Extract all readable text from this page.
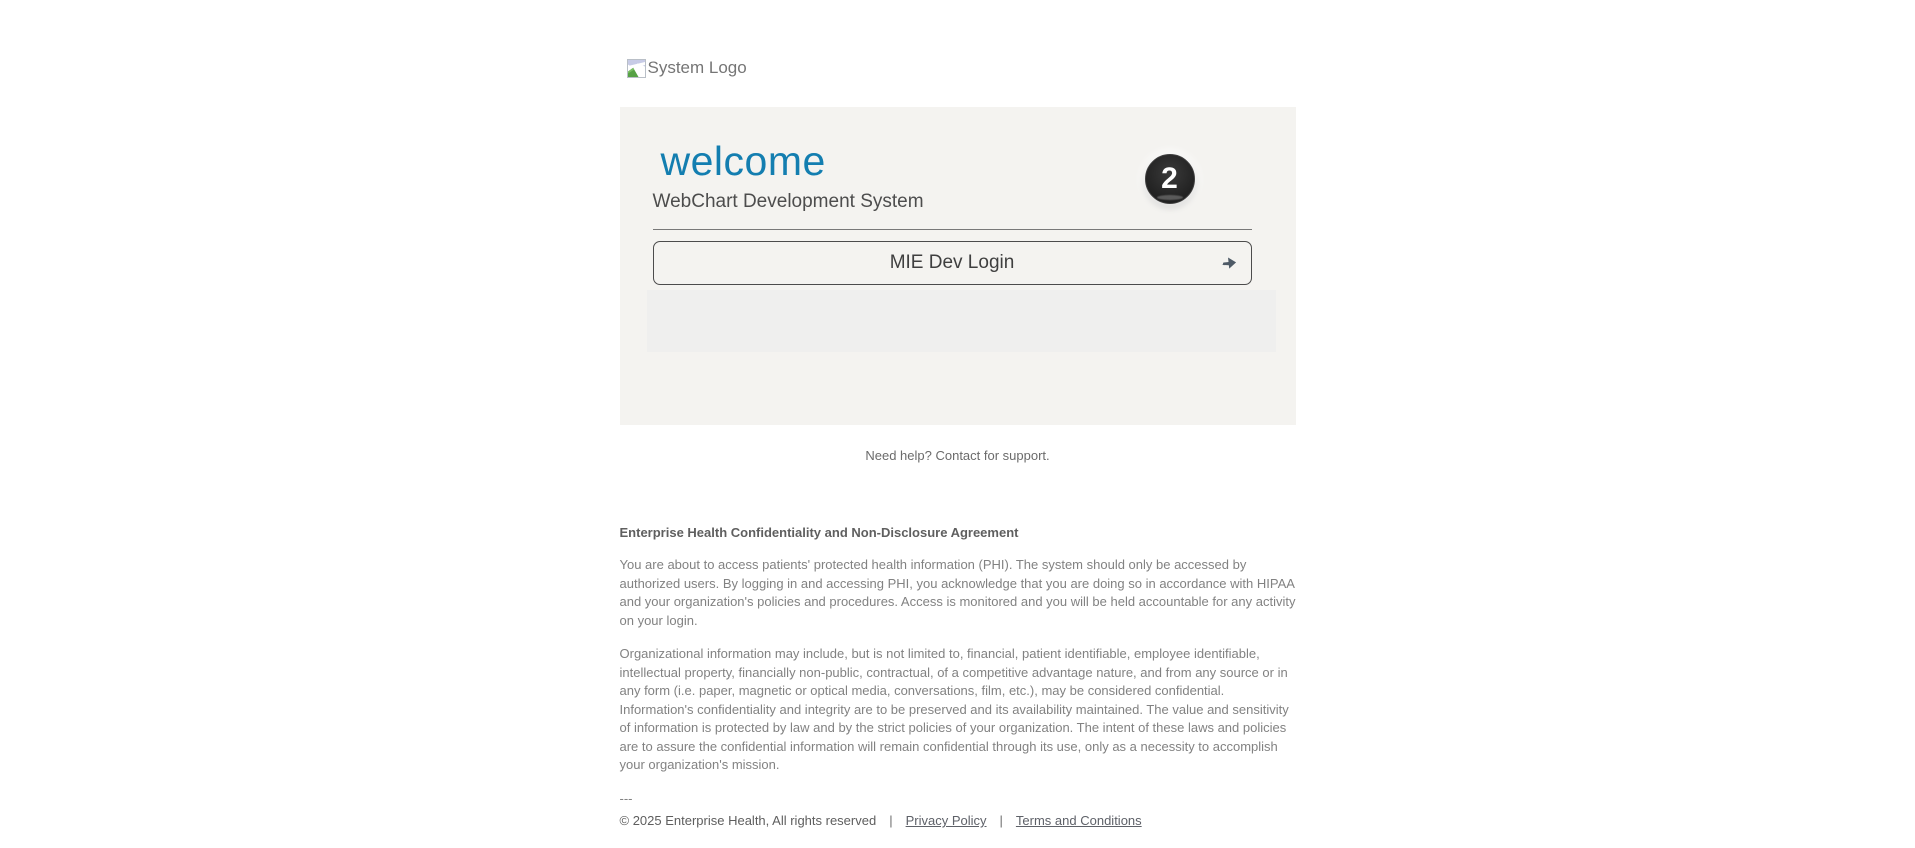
System Logo
welcome
WebChart Development System
MIE Dev Login
2
Need help? Contact for support.
Enterprise Health Confidentiality and Non-Disclosure Agreement

You are about to access patients' protected health information (PHI). The system should only be accessed by authorized users. By logging in and accessing PHI, you acknowledge that you are doing so in accordance with HIPAA and your organization's policies and procedures. Access is monitored and you will be held accountable for any activity on your login.

Organizational information may include, but is not limited to, financial, patient identifiable, employee identifiable, intellectual property, financially non-public, contractual, of a competitive advantage nature, and from any source or in any form (i.e. paper, magnetic or optical media, conversations, film, etc.), may be considered confidential. Information's confidentiality and integrity are to be preserved and its availability maintained. The value and sensitivity of information is protected by law and by the strict policies of your organization. The intent of these laws and policies are to assure the confidential information will remain confidential through its use, only as a necessity to accomplish your organization's mission.

---
© 2025 Enterprise Health, All rights reserved | Privacy Policy | Terms and Conditions
